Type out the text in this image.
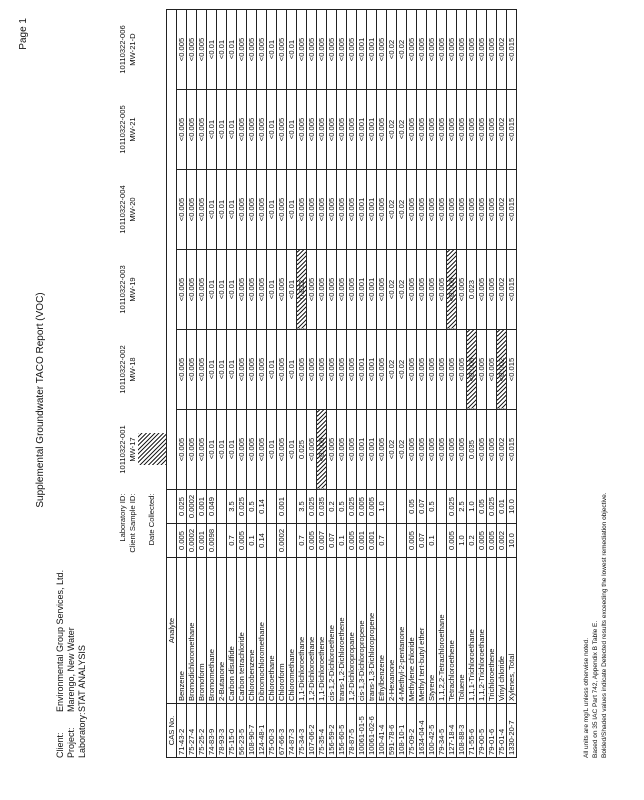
Page 1
Supplemental Groundwater TACO Report (VOC)
Client:Environmental Group Services, Ltd.
Project:Marengo, New Water
Laboratory:STAT ANALYSIS
Laboratory ID:				10110322-001	10110322-002	10110322-003	10110322-004	10110322-005	10110322-006
Client Sample ID:				MW-17	MW-18	MW-19	MW-20	MW-21	MW-21-D
Date Collected:									
CAS No.	Analyte								
71-43-2	Benzene	0.005	0.025	<0.005	<0.005	<0.005	<0.005	<0.005	<0.005
75-27-4	Bromodichloromethane	0.0002	0.0002	<0.005	<0.005	<0.005	<0.005	<0.005	<0.005
75-25-2	Bromoform	0.001	0.001	<0.005	<0.005	<0.005	<0.005	<0.005	<0.005
74-83-9	Bromomethane	0.0098	0.049	<0.01	<0.01	<0.01	<0.01	<0.01	<0.01
78-93-3	2-Butanone			<0.01	<0.01	<0.01	<0.01	<0.01	<0.01
75-15-0	Carbon disulfide	0.7	3.5	<0.01	<0.01	<0.01	<0.01	<0.01	<0.01
56-23-5	Carbon tetrachloride	0.005	0.025	<0.005	<0.005	<0.005	<0.005	<0.005	<0.005
108-90-7	Chlorobenzene	0.1	0.5	<0.005	<0.005	<0.005	<0.005	<0.005	<0.005
124-48-1	Dibromochloromethane	0.14	0.14	<0.005	<0.005	<0.005	<0.005	<0.005	<0.005
75-00-3	Chloroethane			<0.01	<0.01	<0.01	<0.01	<0.01	<0.01
67-66-3	Chloroform	0.0002	0.001	<0.005	<0.005	<0.005	<0.005	<0.005	<0.005
74-87-3	Chloromethane			<0.01	<0.01	<0.01	<0.01	<0.01	<0.01
75-34-3	1,1-Dichloroethane	0.7	3.5	0.025	<0.005	0.022	<0.005	<0.005	<0.005
107-06-2	1,2-Dichloroethane	0.005	0.025	<0.005	<0.005	<0.005	<0.005	<0.005	<0.005
75-35-4	1,1-Dichloroethene	0.007	0.035	<0.005	<0.005	<0.005	<0.005	<0.005	<0.005
156-59-2	cis-1,2-Dichloroethene	0.07	0.2	<0.005	<0.005	<0.005	<0.005	<0.005	<0.005
156-60-5	trans-1,2-Dichloroethene	0.1	0.5	<0.005	<0.005	<0.005	<0.005	<0.005	<0.005
78-87-5	1,2-Dichloropropane	0.005	0.025	<0.005	<0.005	<0.005	<0.005	<0.005	<0.005
10061-01-5	cis-1,3-Dichloropropene	0.001	0.005	<0.001	<0.001	<0.001	<0.001	<0.001	<0.001
10061-02-6	trans-1,3-Dichloropropene	0.001	0.005	<0.001	<0.001	<0.001	<0.001	<0.001	<0.001
100-41-4	Ethylbenzene	0.7	1.0	<0.005	<0.005	<0.005	<0.005	<0.005	<0.005
591-78-6	2-Hexanone			<0.02	<0.02	<0.02	<0.02	<0.02	<0.02
108-10-1	4-Methyl-2-pentanone			<0.02	<0.02	<0.02	<0.02	<0.02	<0.02
75-09-2	Methylene chloride	0.005	0.05	<0.005	<0.005	<0.005	<0.005	<0.005	<0.005
1634-04-4	Methyl tert-butyl ether	0.07	0.07	<0.005	<0.005	<0.005	<0.005	<0.005	<0.005
100-42-5	Styrene	0.1	0.5	<0.005	<0.005	<0.005	<0.005	<0.005	<0.005
79-34-5	1,1,2,2-Tetrachloroethane			<0.005	<0.005	<0.005	<0.005	<0.005	<0.005
127-18-4	Tetrachloroethene	0.005	0.025	<0.005	<0.005	<0.005	<0.005	<0.005	<0.005
108-88-3	Toluene	1.0	2.5	<0.005	<0.005	<0.005	<0.005	<0.005	<0.005
71-55-6	1,1,1-Trichloroethane	0.2	1.0	0.035	<0.005	0.023	<0.005	<0.005	<0.005
79-00-5	1,1,2-Trichloroethane	0.005	0.05	<0.005	<0.005	<0.005	<0.005	<0.005	<0.005
79-01-6	Trichloroethene	0.005	0.025	<0.005	<0.005	<0.005	<0.005	<0.005	<0.005
75-01-4	Vinyl chloride	0.002	0.01	<0.002	<0.002	<0.002	<0.002	<0.002	<0.002
1330-20-7	Xylenes, Total	10.0	10.0	<0.015	<0.015	<0.015	<0.015	<0.015	<0.015
All units are mg/L unless otherwise noted. Based on 35 IAC Part 742, Appendix B Table E. Bolded/Shaded values indicate Detected results exceeding the lowest remediation objective.
